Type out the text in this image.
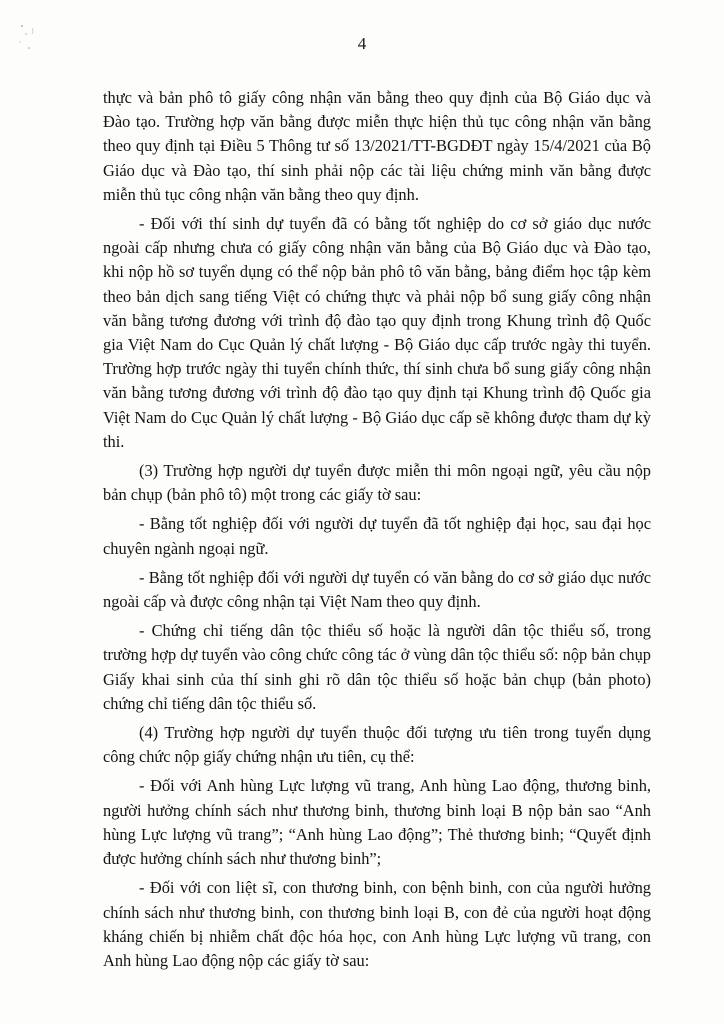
4

thực và bản phô tô giấy công nhận văn bằng theo quy định của Bộ Giáo dục và Đào tạo. Trường hợp văn bằng được miễn thực hiện thủ tục công nhận văn bằng theo quy định tại Điều 5 Thông tư số 13/2021/TT-BGDĐT ngày 15/4/2021 của Bộ Giáo dục và Đào tạo, thí sinh phải nộp các tài liệu chứng minh văn bằng được miễn thủ tục công nhận văn bằng theo quy định.

- Đối với thí sinh dự tuyển đã có bằng tốt nghiệp do cơ sở giáo dục nước ngoài cấp nhưng chưa có giấy công nhận văn bằng của Bộ Giáo dục và Đào tạo, khi nộp hồ sơ tuyển dụng có thể nộp bản phô tô văn bằng, bảng điểm học tập kèm theo bản dịch sang tiếng Việt có chứng thực và phải nộp bổ sung giấy công nhận văn bằng tương đương với trình độ đào tạo quy định trong Khung trình độ Quốc gia Việt Nam do Cục Quản lý chất lượng - Bộ Giáo dục cấp trước ngày thi tuyển. Trường hợp trước ngày thi tuyển chính thức, thí sinh chưa bổ sung giấy công nhận văn bằng tương đương với trình độ đào tạo quy định tại Khung trình độ Quốc gia Việt Nam do Cục Quản lý chất lượng - Bộ Giáo dục cấp sẽ không được tham dự kỳ thi.

(3) Trường hợp người dự tuyển được miễn thi môn ngoại ngữ, yêu cầu nộp bản chụp (bản phô tô) một trong các giấy tờ sau:

- Bằng tốt nghiệp đối với người dự tuyển đã tốt nghiệp đại học, sau đại học chuyên ngành ngoại ngữ.

- Bằng tốt nghiệp đối với người dự tuyển có văn bằng do cơ sở giáo dục nước ngoài cấp và được công nhận tại Việt Nam theo quy định.

- Chứng chỉ tiếng dân tộc thiểu số hoặc là người dân tộc thiểu số, trong trường hợp dự tuyển vào công chức công tác ở vùng dân tộc thiểu số: nộp bản chụp Giấy khai sinh của thí sinh ghi rõ dân tộc thiểu số hoặc bản chụp (bản photo) chứng chỉ tiếng dân tộc thiểu số.

(4) Trường hợp người dự tuyển thuộc đối tượng ưu tiên trong tuyển dụng công chức nộp giấy chứng nhận ưu tiên, cụ thể:

- Đối với Anh hùng Lực lượng vũ trang, Anh hùng Lao động, thương binh, người hưởng chính sách như thương binh, thương binh loại B nộp bản sao “Anh hùng Lực lượng vũ trang”; “Anh hùng Lao động”; Thẻ thương binh; “Quyết định được hưởng chính sách như thương binh”;

- Đối với con liệt sĩ, con thương binh, con bệnh binh, con của người hưởng chính sách như thương binh, con thương binh loại B, con đẻ của người hoạt động kháng chiến bị nhiễm chất độc hóa học, con Anh hùng Lực lượng vũ trang, con Anh hùng Lao động nộp các giấy tờ sau:
